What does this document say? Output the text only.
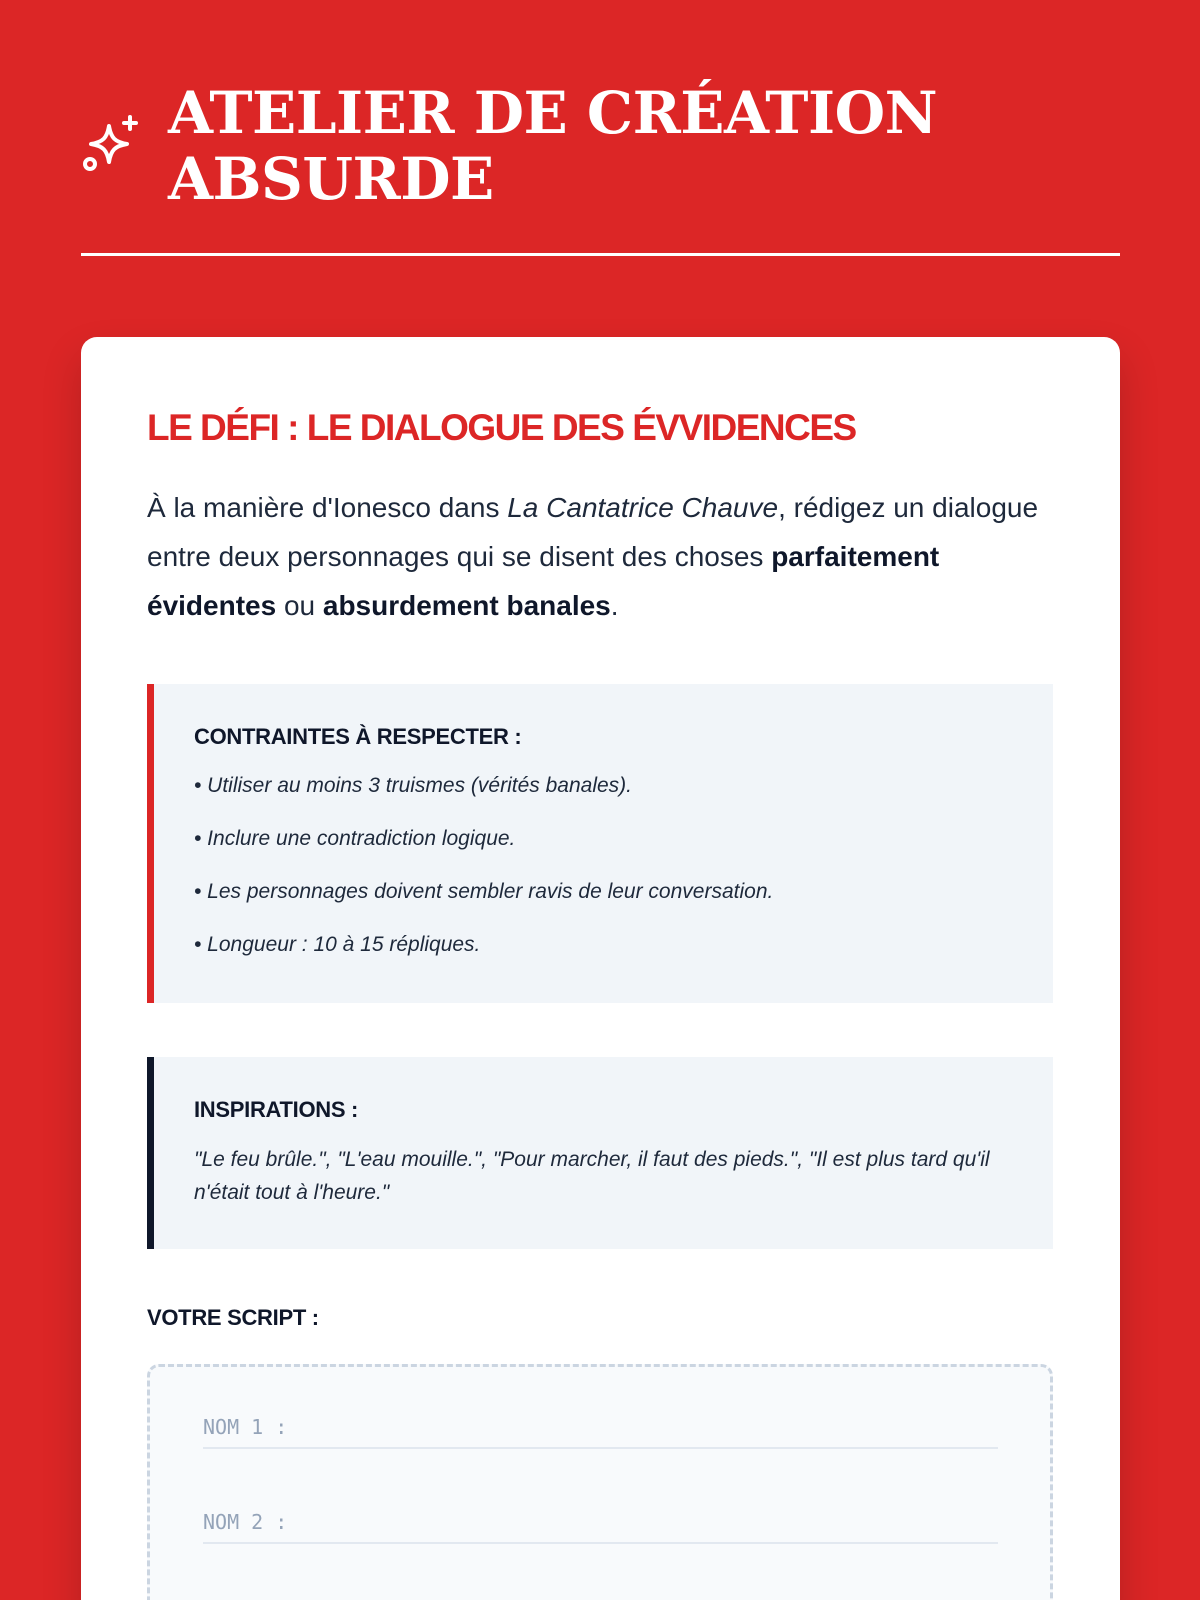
ATELIER DE CRÉATION ABSURDE
LE DÉFI : LE DIALOGUE DES ÉVVIDENCES

À la manière d'Ionesco dans La Cantatrice Chauve, rédigez un dialogue entre deux personnages qui se disent des choses parfaitement évidentes ou absurdement banales.

CONTRAINTES À RESPECTER :
• Utiliser au moins 3 truismes (vérités banales).
• Inclure une contradiction logique.
• Les personnages doivent sembler ravis de leur conversation.
• Longueur : 10 à 15 répliques.
INSPIRATIONS :

"Le feu brûle.", "L'eau mouille.", "Pour marcher, il faut des pieds.", "Il est plus tard qu'il n'était tout à l'heure."

VOTRE SCRIPT :
NOM 1 :
NOM 2 :
